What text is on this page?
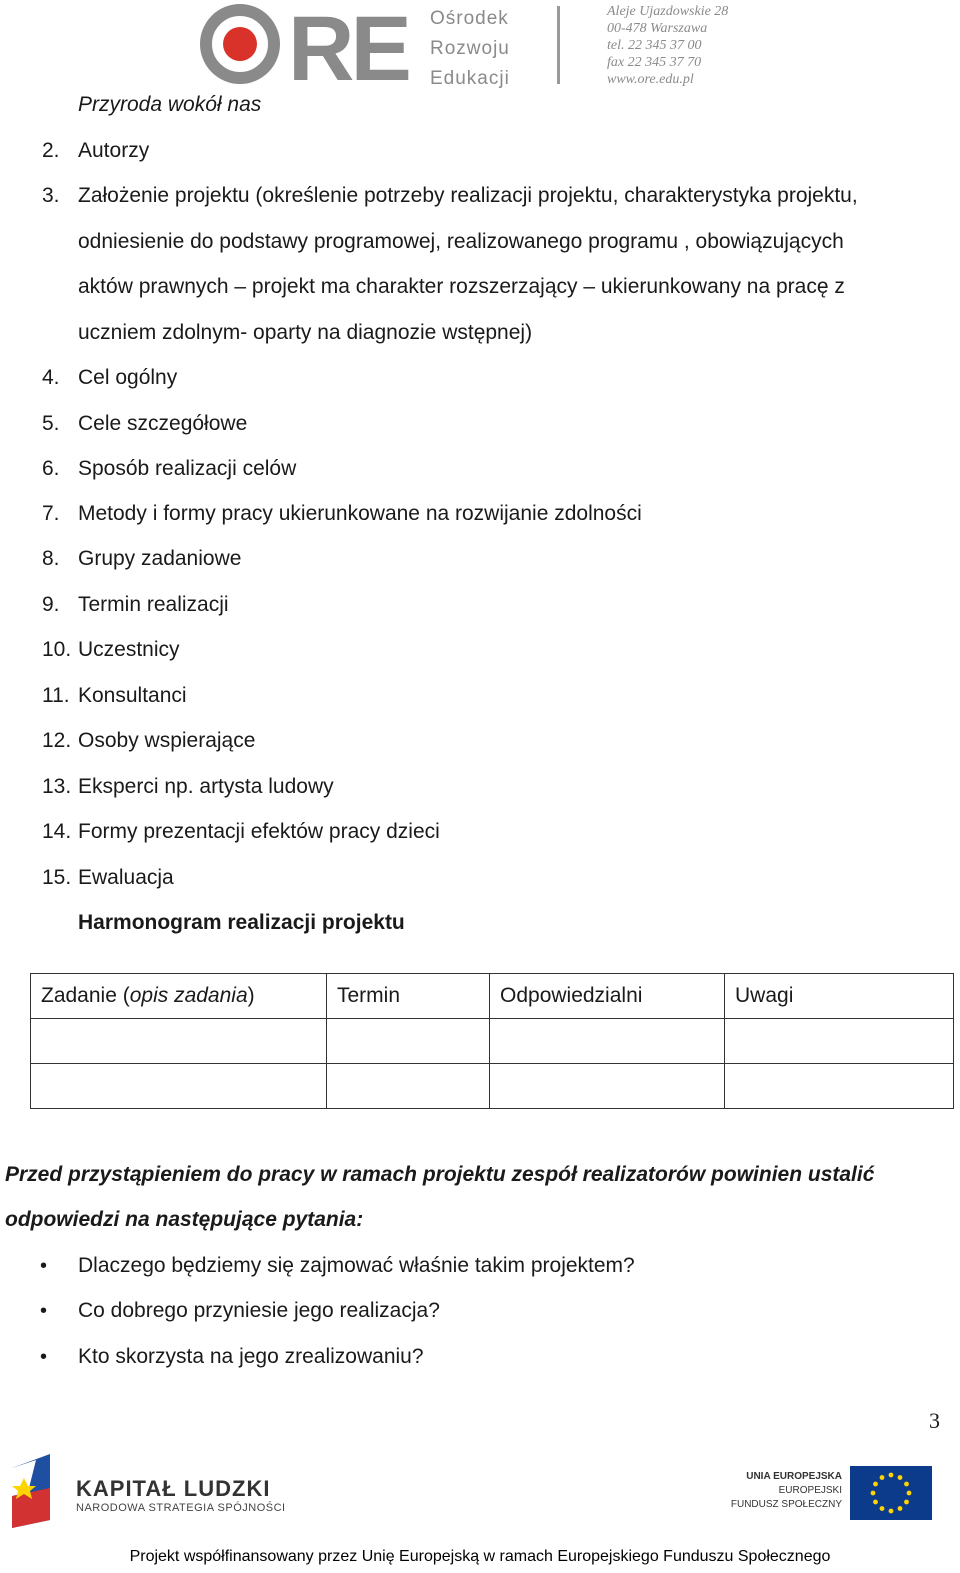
RE Ośrodek
Rozwoju
Edukacji
Aleje Ujazdowskie 28
00-478 Warszawa
tel. 22 345 37 00
fax 22 345 37 70
www.ore.edu.pl
Przyroda wokół nas
2. Autorzy
3. Założenie projektu (określenie potrzeby realizacji projektu, charakterystyka projektu,
odniesienie do podstawy programowej, realizowanego programu , obowiązujących
aktów prawnych – projekt ma charakter rozszerzający – ukierunkowany na pracę z
uczniem zdolnym- oparty na diagnozie wstępnej)
4. Cel ogólny
5. Cele szczegółowe
6. Sposób realizacji celów
7. Metody i formy pracy ukierunkowane na rozwijanie zdolności
8. Grupy zadaniowe
9. Termin realizacji
10. Uczestnicy
11. Konsultanci
12. Osoby wspierające
13. Eksperci np. artysta ludowy
14. Formy prezentacji efektów pracy dzieci
15. Ewaluacja
Harmonogram realizacji projektu
Zadanie (opis zadania)	Termin	Odpowiedzialni	Uwagi

Przed przystąpieniem do pracy w ramach projektu zespół realizatorów powinien ustalić
odpowiedzi na następujące pytania:
• Dlaczego będziemy się zajmować właśnie takim projektem?
• Co dobrego przyniesie jego realizacja?
• Kto skorzysta na jego zrealizowaniu?
3
KAPITAŁ LUDZKI
NARODOWA STRATEGIA SPÓJNOŚCI
UNIA EUROPEJSKA
EUROPEJSKI
FUNDUSZ SPOŁECZNY
Projekt współfinansowany przez Unię Europejską w ramach Europejskiego Funduszu Społecznego
